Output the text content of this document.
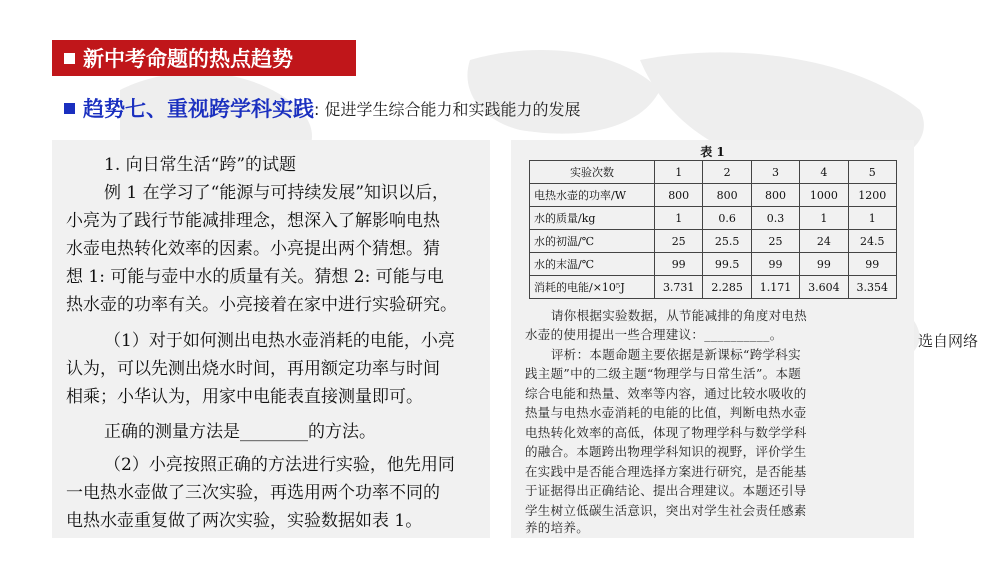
新中考命题的热点趋势
趋势七、重视跨学科实践 : 促进学生综合能力和实践能力的发展
1. 向日常生活“跨”的试题
例 1 在学习了“能源与可持续发展”知识以后，
小亮为了践行节能减排理念，想深入了解影响电热
水壶电热转化效率的因素。小亮提出两个猜想。猜
想 1: 可能与壶中水的质量有关。猜想 2: 可能与电
热水壶的功率有关。小亮接着在家中进行实验研究。
（1）对于如何测出电热水壶消耗的电能，小亮
认为，可以先测出烧水时间，再用额定功率与时间
相乘；小华认为，用家中电能表直接测量即可。
正确的测量方法是________的方法。
（2）小亮按照正确的方法进行实验，他先用同
一电热水壶做了三次实验，再选用两个功率不同的
电热水壶重复做了两次实验，实验数据如表 1。
表 1
实验次数	1	2	3	4	5
电热水壶的功率/W	800	800	800	1000	1200
水的质量/kg	1	0.6	0.3	1	1
水的初温/℃	25	25.5	25	24	24.5
水的末温/℃	99	99.5	99	99	99
消耗的电能/×10⁵J	3.731	2.285	1.171	3.604	3.354
请你根据实验数据，从节能减排的角度对电热
水壶的使用提出一些合理建议：__________。
评析：本题命题主要依据是新课标“跨学科实
践主题”中的二级主题“物理学与日常生活”。本题
综合电能和热量、效率等内容，通过比较水吸收的
热量与电热水壶消耗的电能的比值，判断电热水壶
电热转化效率的高低，体现了物理学科与数学学科
的融合。本题跨出物理学科知识的视野，评价学生
在实践中是否能合理选择方案进行研究，是否能基
于证据得出正确结论、提出合理建议。本题还引导
学生树立低碳生活意识，突出对学生社会责任感素
养的培养。
选自网络
